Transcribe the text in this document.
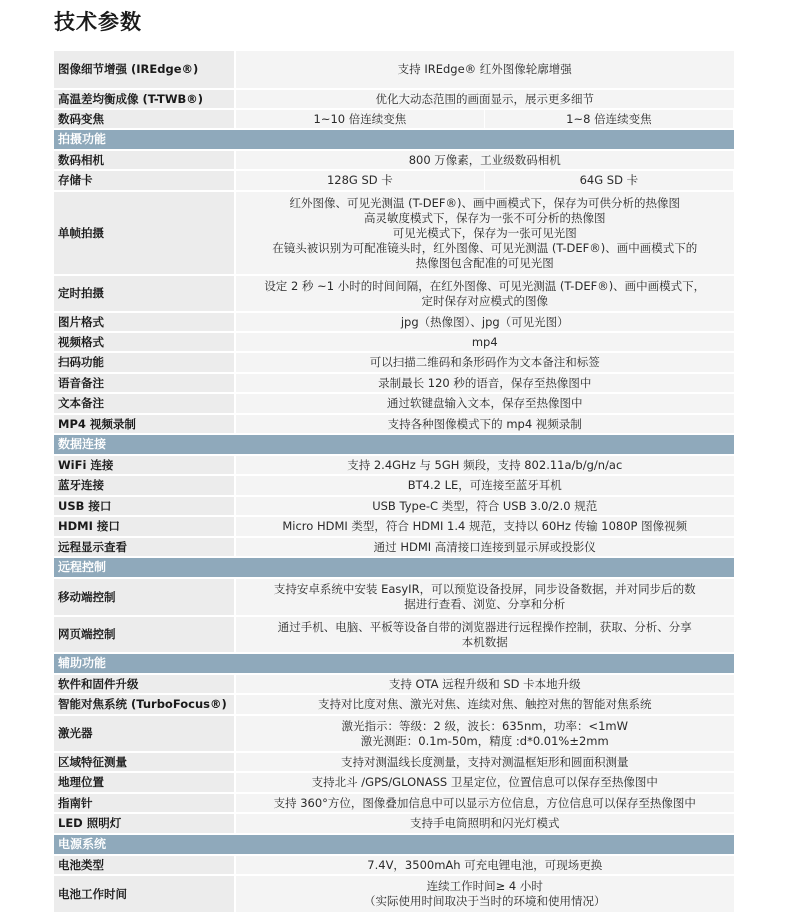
技术参数
图像细节增强 (IREdge®)	支持 IREdge® 红外图像轮廓增强	
高温差均衡成像 (T-TWB®)	优化大动态范围的画面显示，展示更多细节	
数码变焦	1~10 倍连续变焦	1~8 倍连续变焦
拍摄功能		
数码相机	800 万像素，工业级数码相机	
存储卡	128G SD 卡	64G SD 卡
单帧拍摄	红外图像、可见光测温 (T-DEF®)、画中画模式下，保存为可供分析的热像图
高灵敏度模式下，保存为一张不可分析的热像图
可见光模式下，保存为一张可见光图
在镜头被识别为可配准镜头时，红外图像、可见光测温 (T-DEF®)、画中画模式下的
热像图包含配准的可见光图	
定时拍摄	设定 2 秒 ~1 小时的时间间隔，在红外图像、可见光测温 (T-DEF®)、画中画模式下，
定时保存对应模式的图像	
图片格式	jpg（热像图）、jpg（可见光图）	
视频格式	mp4	
扫码功能	可以扫描二维码和条形码作为文本备注和标签	
语音备注	录制最长 120 秒的语音，保存至热像图中	
文本备注	通过软键盘输入文本，保存至热像图中	
MP4 视频录制	支持各种图像模式下的 mp4 视频录制	
数据连接		
WiFi 连接	支持 2.4GHz 与 5GH 频段，支持 802.11a/b/g/n/ac	
蓝牙连接	BT4.2 LE，可连接至蓝牙耳机	
USB 接口	USB Type-C 类型，符合 USB 3.0/2.0 规范	
HDMI 接口	Micro HDMI 类型，符合 HDMI 1.4 规范，支持以 60Hz 传输 1080P 图像视频	
远程显示查看	通过 HDMI 高清接口连接到显示屏或投影仪	
远程控制		
移动端控制	支持安卓系统中安装 EasyIR，可以预览设备投屏，同步设备数据，并对同步后的数
据进行查看、浏览、分享和分析	
网页端控制	通过手机、电脑、平板等设备自带的浏览器进行远程操作控制，获取、分析、分享
本机数据	
辅助功能		
软件和固件升级	支持 OTA 远程升级和 SD 卡本地升级	
智能对焦系统 (TurboFocus®)	支持对比度对焦、激光对焦、连续对焦、触控对焦的智能对焦系统	
激光器	激光指示：等级：2 级，波长：635nm，功率：<1mW
激光测距：0.1m-50m，精度 :d*0.01%±2mm	
区域特征测量	支持对测温线长度测量，支持对测温框矩形和圆面积测量	
地理位置	支持北斗 /GPS/GLONASS 卫星定位，位置信息可以保存至热像图中	
指南针	支持 360°方位，图像叠加信息中可以显示方位信息，方位信息可以保存至热像图中	
LED 照明灯	支持手电筒照明和闪光灯模式	
电源系统		
电池类型	7.4V，3500mAh 可充电锂电池，可现场更换	
电池工作时间	连续工作时间≥ 4 小时
（实际使用时间取决于当时的环境和使用情况）	
